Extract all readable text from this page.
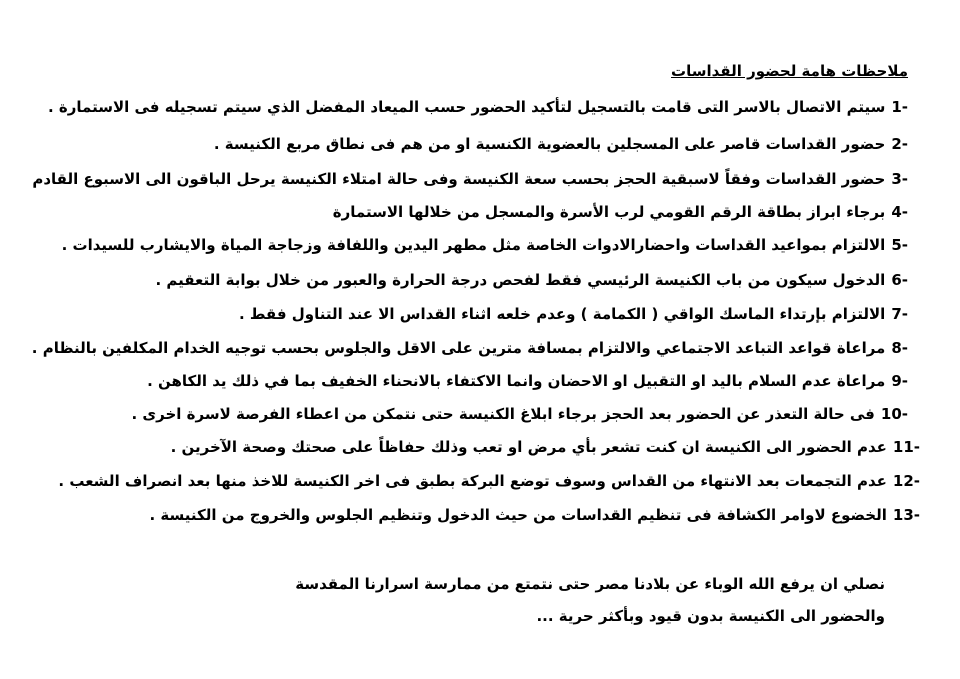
ملاحظات هامة لحضور القداسات
-1سيتم الاتصال بالاسر التى قامت بالتسجيل لتأكيد الحضور حسب الميعاد المفضل الذي سيتم تسجيله فى الاستمارة .
-2حضور القداسات قاصر على المسجلين بالعضوية الكنسية او من هم فى نطاق مربع الكنيسة .
-3حضور القداسات وفقاً لاسبقية الحجز بحسب سعة الكنيسة وفى حالة امتلاء الكنيسة يرحل الباقون الى الاسبوع القادم
-4برجاء ابراز بطاقة الرقم القومي لرب الأسرة والمسجل من خلالها الاستمارة
-5الالتزام بمواعيد القداسات واحضارالادوات الخاصة مثل مطهر اليدين واللفافة وزجاجة المياة والايشارب للسيدات .
-6الدخول سيكون من باب الكنيسة الرئيسي فقط لفحص درجة الحرارة والعبور من خلال بوابة التعقيم .
-7الالتزام بإرتداء الماسك الواقي ( الكمامة ) وعدم خلعه اثناء القداس الا عند التناول فقط .
-8مراعاة قواعد التباعد الاجتماعي والالتزام بمسافة مترين على الاقل والجلوس بحسب توجيه الخدام المكلفين بالنظام .
-9مراعاة عدم السلام باليد او التقبيل او الاحضان وانما الاكتفاء بالانحناء الخفيف بما في ذلك يد الكاهن .
-10فى حالة التعذر عن الحضور بعد الحجز برجاء ابلاغ الكنيسة حتى نتمكن من اعطاء الفرصة لاسرة اخرى .
-11عدم الحضور الى الكنيسة ان كنت تشعر بأي مرض او تعب وذلك حفاظاً على صحتك وصحة الآخرين .
-12عدم التجمعات بعد الانتهاء من القداس وسوف توضع البركة بطبق فى اخر الكنيسة للاخذ منها بعد انصراف الشعب .
-13الخضوع لاوامر الكشافة فى تنظيم القداسات من حيث الدخول وتنظيم الجلوس والخروج من الكنيسة .
نصلي ان يرفع الله الوباء عن بلادنا مصر حتى نتمتع من ممارسة اسرارنا المقدسة
والحضور الى الكنيسة بدون قيود وبأكثر حرية ...
